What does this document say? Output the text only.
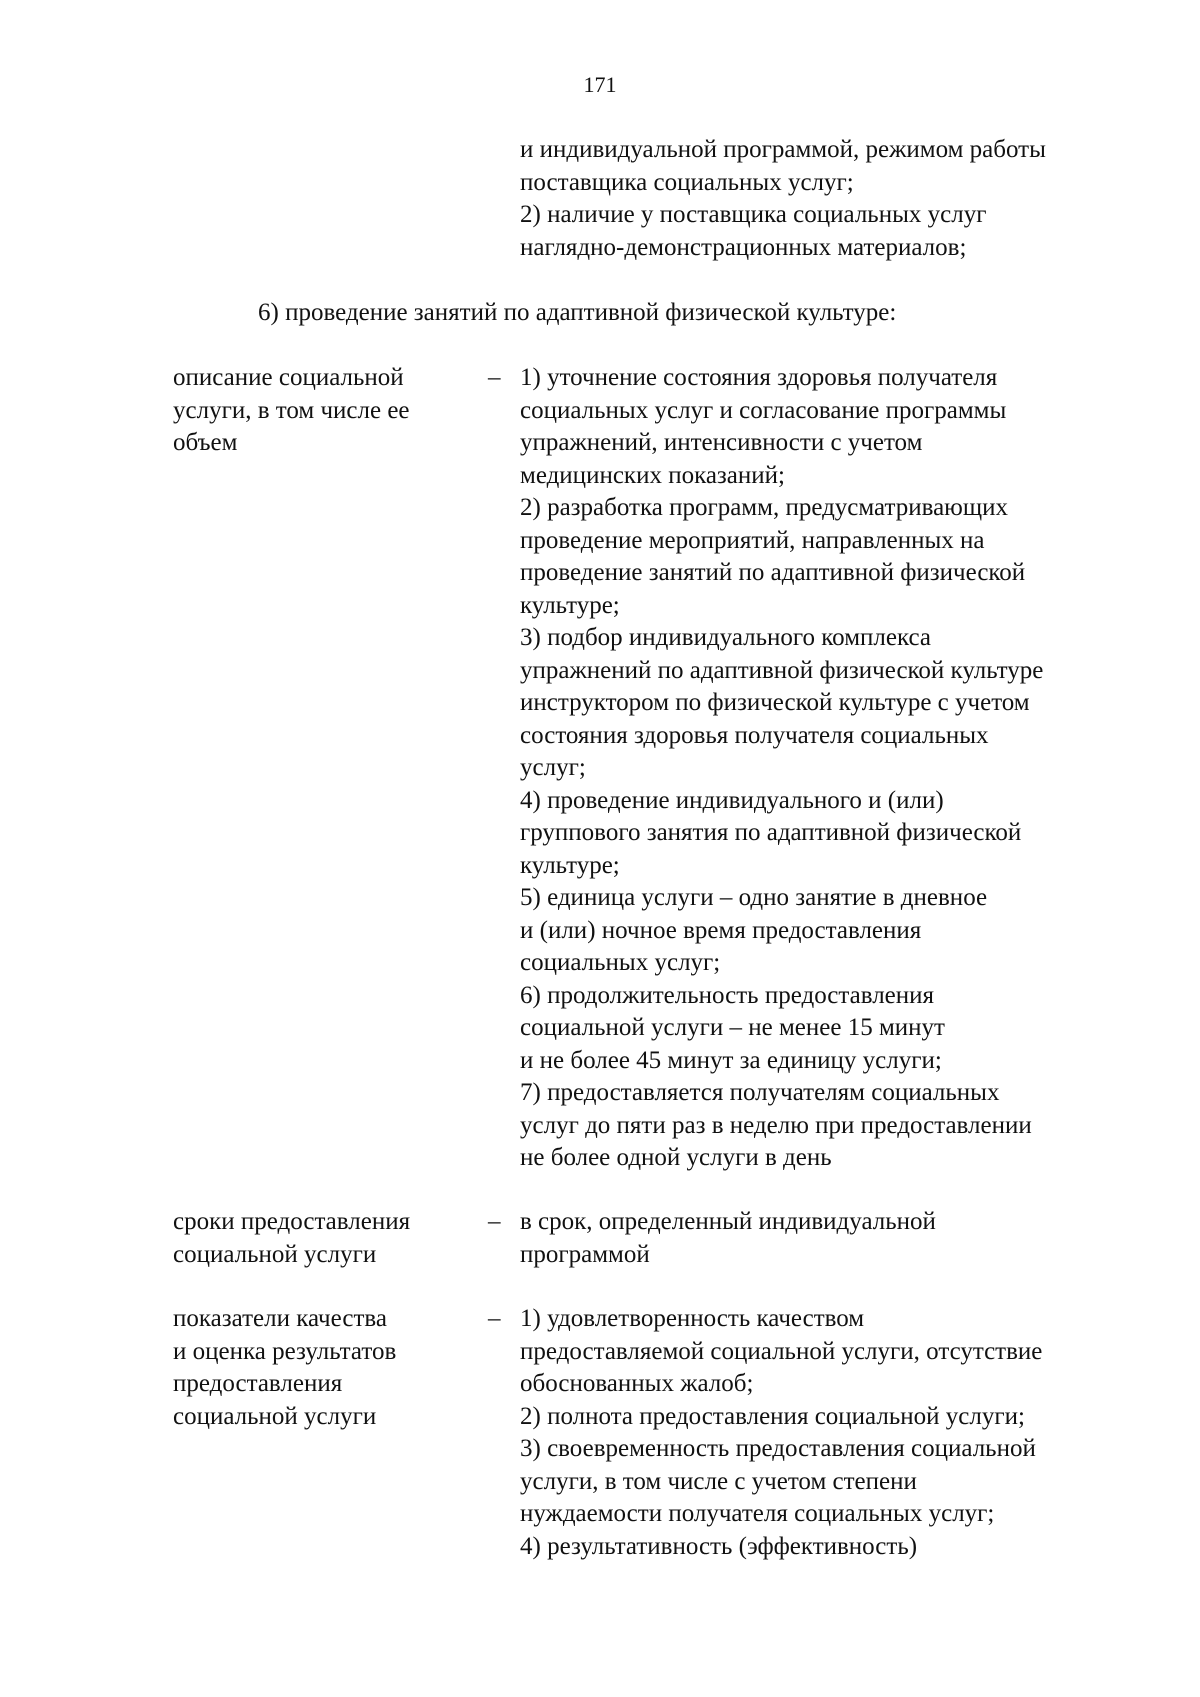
171
и индивидуальной программой, режимом работы
поставщика социальных услуг;
2) наличие у поставщика социальных услуг
наглядно-демонстрационных материалов;
6) проведение занятий по адаптивной физической культуре:
описание социальной
услуги, в том числе ее
объем
– 1) уточнение состояния здоровья получателя
социальных услуг и согласование программы
упражнений, интенсивности с учетом
медицинских показаний;
2) разработка программ, предусматривающих
проведение мероприятий, направленных на
проведение занятий по адаптивной физической
культуре;
3) подбор индивидуального комплекса
упражнений по адаптивной физической культуре
инструктором по физической культуре с учетом
состояния здоровья получателя социальных
услуг;
4) проведение индивидуального и (или)
группового занятия по адаптивной физической
культуре;
5) единица услуги – одно занятие в дневное
и (или) ночное время предоставления
социальных услуг;
6) продолжительность предоставления
социальной услуги – не менее 15 минут
и не более 45 минут за единицу услуги;
7) предоставляется получателям социальных
услуг до пяти раз в неделю при предоставлении
не более одной услуги в день
сроки предоставления
социальной услуги
– в срок, определенный индивидуальной
программой
показатели качества
и оценка результатов
предоставления
социальной услуги
– 1) удовлетворенность качеством
предоставляемой социальной услуги, отсутствие
обоснованных жалоб;
2) полнота предоставления социальной услуги;
3) своевременность предоставления социальной
услуги, в том числе с учетом степени
нуждаемости получателя социальных услуг;
4) результативность (эффективность)
